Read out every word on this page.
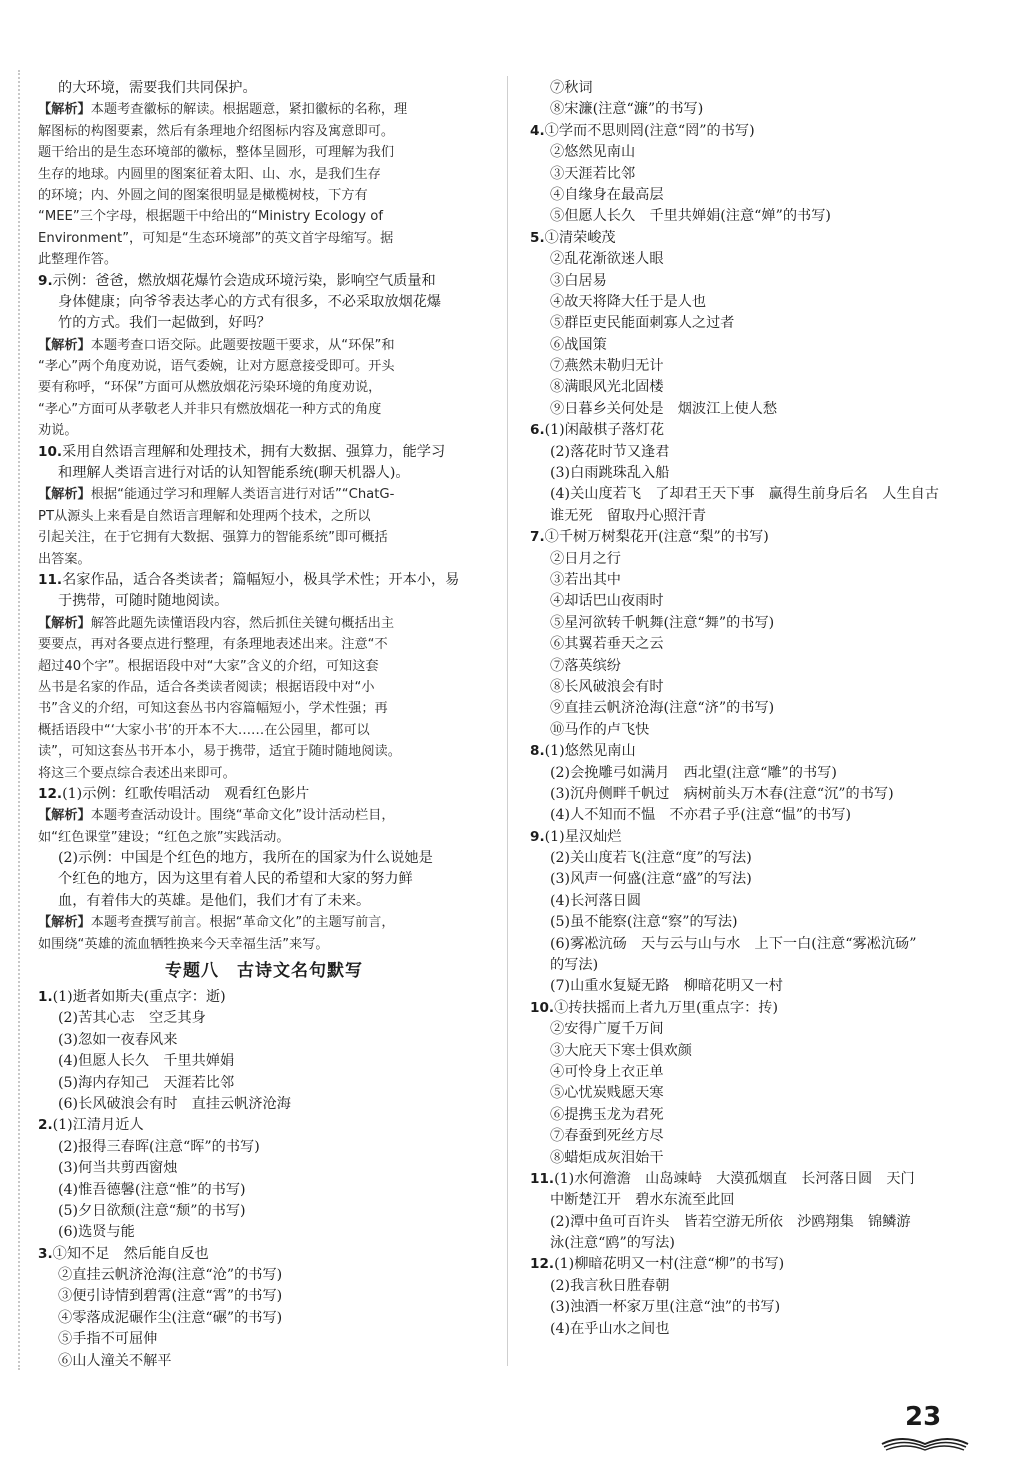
的大环境，需要我们共同保护。
【解析】本题考查徽标的解读。根据题意，紧扣徽标的名称，理
解图标的构图要素，然后有条理地介绍图标内容及寓意即可。
题干给出的是生态环境部的徽标，整体呈圆形，可理解为我们
生存的地球。内圆里的图案征着太阳、山、水，是我们生存
的环境；内、外圆之间的图案很明显是橄榄树枝，下方有
“MEE”三个字母，根据题干中给出的“Ministry Ecology of
Environment”，可知是“生态环境部”的英文首字母缩写。据
此整理作答。
9.示例：爸爸，燃放烟花爆竹会造成环境污染，影响空气质量和
身体健康；向爷爷表达孝心的方式有很多，不必采取放烟花爆
竹的方式。我们一起做到，好吗？
【解析】本题考查口语交际。此题要按题干要求，从“环保”和
“孝心”两个角度劝说，语气委婉，让对方愿意接受即可。开头
要有称呼，“环保”方面可从燃放烟花污染环境的角度劝说，
“孝心”方面可从孝敬老人并非只有燃放烟花一种方式的角度
劝说。
10.采用自然语言理解和处理技术，拥有大数据、强算力，能学习
和理解人类语言进行对话的认知智能系统(聊天机器人)。
【解析】根据“能通过学习和理解人类语言进行对话”“ChatG-
PT从源头上来看是自然语言理解和处理两个技术，之所以
引起关注，在于它拥有大数据、强算力的智能系统”即可概括
出答案。
11.名家作品，适合各类读者；篇幅短小，极具学术性；开本小，易
于携带，可随时随地阅读。
【解析】解答此题先读懂语段内容，然后抓住关键句概括出主
要要点，再对各要点进行整理，有条理地表述出来。注意“不
超过40个字”。根据语段中对“大家”含义的介绍，可知这套
丛书是名家的作品，适合各类读者阅读；根据语段中对“小
书”含义的介绍，可知这套丛书内容篇幅短小，学术性强；再
概括语段中“‘大家小书’的开本不大……在公园里，都可以
读”，可知这套丛书开本小，易于携带，适宜于随时随地阅读。
将这三个要点综合表述出来即可。
12.(1)示例：红歌传唱活动　观看红色影片
【解析】本题考查活动设计。围绕“革命文化”设计活动栏目，
如“红色课堂”建设；“红色之旅”实践活动。
(2)示例：中国是个红色的地方，我所在的国家为什么说她是
个红色的地方，因为这里有着人民的希望和大家的努力鲜
血，有着伟大的英雄。是他们，我们才有了未来。
【解析】本题考查撰写前言。根据“革命文化”的主题写前言，
如围绕“英雄的流血牺牲换来今天幸福生活”来写。
专题八　古诗文名句默写
1.(1)逝者如斯夫(重点字：逝)
(2)苦其心志　空乏其身
(3)忽如一夜春风来
(4)但愿人长久　千里共婵娟
(5)海内存知己　天涯若比邻
(6)长风破浪会有时　直挂云帆济沧海
2.(1)江清月近人
(2)报得三春晖(注意“晖”的书写)
(3)何当共剪西窗烛
(4)惟吾德馨(注意“惟”的书写)
(5)夕日欲颓(注意“颓”的书写)
(6)选贤与能
3.①知不足　然后能自反也
②直挂云帆济沧海(注意“沧”的书写)
③便引诗情到碧霄(注意“霄”的书写)
④零落成泥碾作尘(注意“碾”的书写)
⑤手指不可屈伸
⑥山人潼关不解平
⑦秋词
⑧宋濂(注意“濂”的书写)
4.①学而不思则罔(注意“罔”的书写)
②悠然见南山
③天涯若比邻
④自缘身在最高层
⑤但愿人长久　千里共婵娟(注意“婵”的书写)
5.①清荣峻茂
②乱花渐欲迷人眼
③白居易
④故天将降大任于是人也
⑤群臣吏民能面刺寡人之过者
⑥战国策
⑦燕然未勒归无计
⑧满眼风光北固楼
⑨日暮乡关何处是　烟波江上使人愁
6.(1)闲敲棋子落灯花
(2)落花时节又逢君
(3)白雨跳珠乱入船
(4)关山度若飞　了却君王天下事　赢得生前身后名　人生自古
谁无死　留取丹心照汗青
7.①千树万树梨花开(注意“梨”的书写)
②日月之行
③若出其中
④却话巴山夜雨时
⑤星河欲转千帆舞(注意“舞”的书写)
⑥其翼若垂天之云
⑦落英缤纷
⑧长风破浪会有时
⑨直挂云帆济沧海(注意“济”的书写)
⑩马作的卢飞快
8.(1)悠然见南山
(2)会挽雕弓如满月　西北望(注意“雕”的书写)
(3)沉舟侧畔千帆过　病树前头万木春(注意“沉”的书写)
(4)人不知而不愠　不亦君子乎(注意“愠”的书写)
9.(1)星汉灿烂
(2)关山度若飞(注意“度”的写法)
(3)风声一何盛(注意“盛”的写法)
(4)长河落日圆
(5)虽不能察(注意“察”的写法)
(6)雾凇沆砀　天与云与山与水　上下一白(注意“雾凇沆砀”
的写法)
(7)山重水复疑无路　柳暗花明又一村
10.①抟扶摇而上者九万里(重点字：抟)
②安得广厦千万间
③大庇天下寒士俱欢颜
④可怜身上衣正单
⑤心忧炭贱愿天寒
⑥提携玉龙为君死
⑦春蚕到死丝方尽
⑧蜡炬成灰泪始干
11.(1)水何澹澹　山岛竦峙　大漠孤烟直　长河落日圆　天门
中断楚江开　碧水东流至此回
(2)潭中鱼可百许头　皆若空游无所依　沙鸥翔集　锦鳞游
泳(注意“鸥”的写法)
12.(1)柳暗花明又一村(注意“柳”的书写)
(2)我言秋日胜春朝
(3)浊酒一杯家万里(注意“浊”的书写)
(4)在乎山水之间也
23
